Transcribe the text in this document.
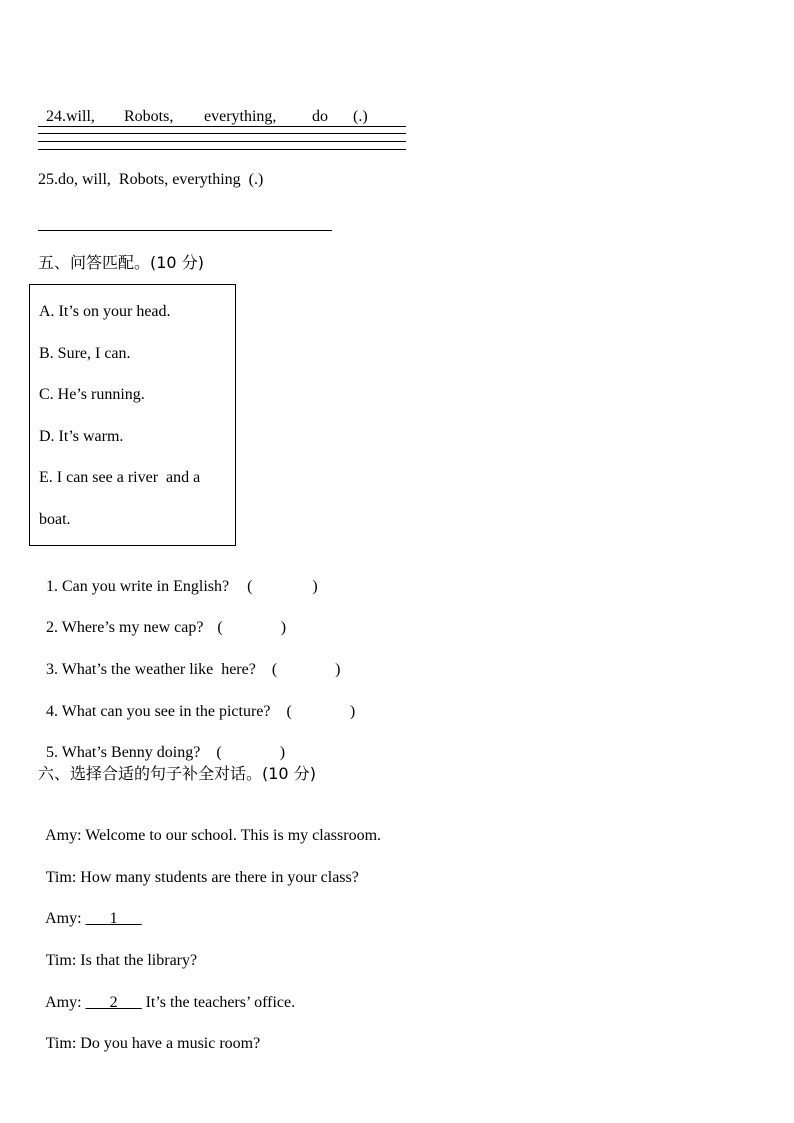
24.will, Robots, everything, do (.)

25.do, will,  Robots, everything  (.)
五、问答匹配。(10 分)
A. It’s on your head.
B. Sure, I can.
C. He’s running.
D. It’s warm.
E. I can see a river  and a
boat.

1. Can you write in English? (	)

2. Where’s my new cap? (	)

3. What’s the weather like  here? (	)

4. What can you see in the picture? (	)

5. What’s Benny doing? (	)

六、选择合适的句子补全对话。(10 分)

Amy: Welcome to our school. This is my classroom.

Tim: How many students are there in your class?

Amy: ___1___

Tim: Is that the library?

Amy: ___2___ It’s the teachers’ office.

Tim: Do you have a music room?
